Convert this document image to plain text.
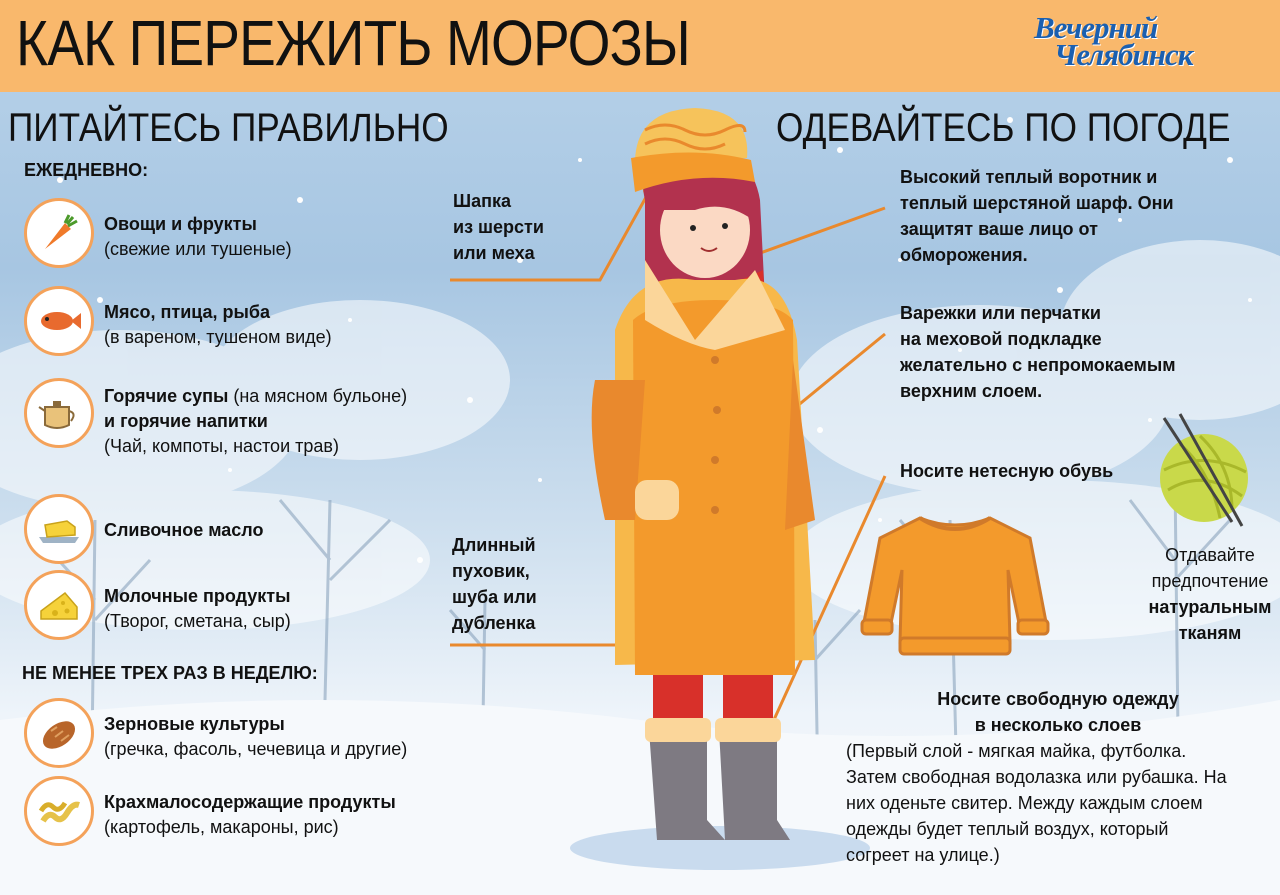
КАК ПЕРЕЖИТЬ МОРОЗЫ	Вечерний
Челябинск
ПИТАЙТЕСЬ ПРАВИЛЬНО
ЕЖЕДНЕВНО:
Овощи и фрукты
(свежие или тушеные)
Мясо, птица, рыба
(в вареном, тушеном виде)
Горячие супы (на мясном бульоне)
и горячие напитки
(Чай, компоты, настои трав)
Сливочное масло
Молочные продукты
(Творог, сметана, сыр)
НЕ МЕНЕЕ ТРЕХ РАЗ В НЕДЕЛЮ:
Зерновые культуры
(гречка, фасоль, чечевица и другие)
Крахмалосодержащие продукты
(картофель, макароны, рис)
Шапка
из шерсти
или меха
Длинный
пуховик,
шуба или
дубленка
ОДЕВАЙТЕСЬ ПО ПОГОДЕ
Высокий теплый воротник и
теплый шерстяной шарф. Они
защитят ваше лицо от
обморожения.
Варежки или перчатки
на меховой подкладке
желательно с непромокаемым
верхним слоем.
Носите нетесную обувь
Отдавайте
предпочтение
натуральным
тканям
Носите свободную одежду
в несколько слоев
(Первый слой - мягкая майка, футболка.
Затем свободная водолазка или рубашка. На
них оденьте свитер. Между каждым слоем
одежды будет теплый воздух, который
согреет на улице.)
